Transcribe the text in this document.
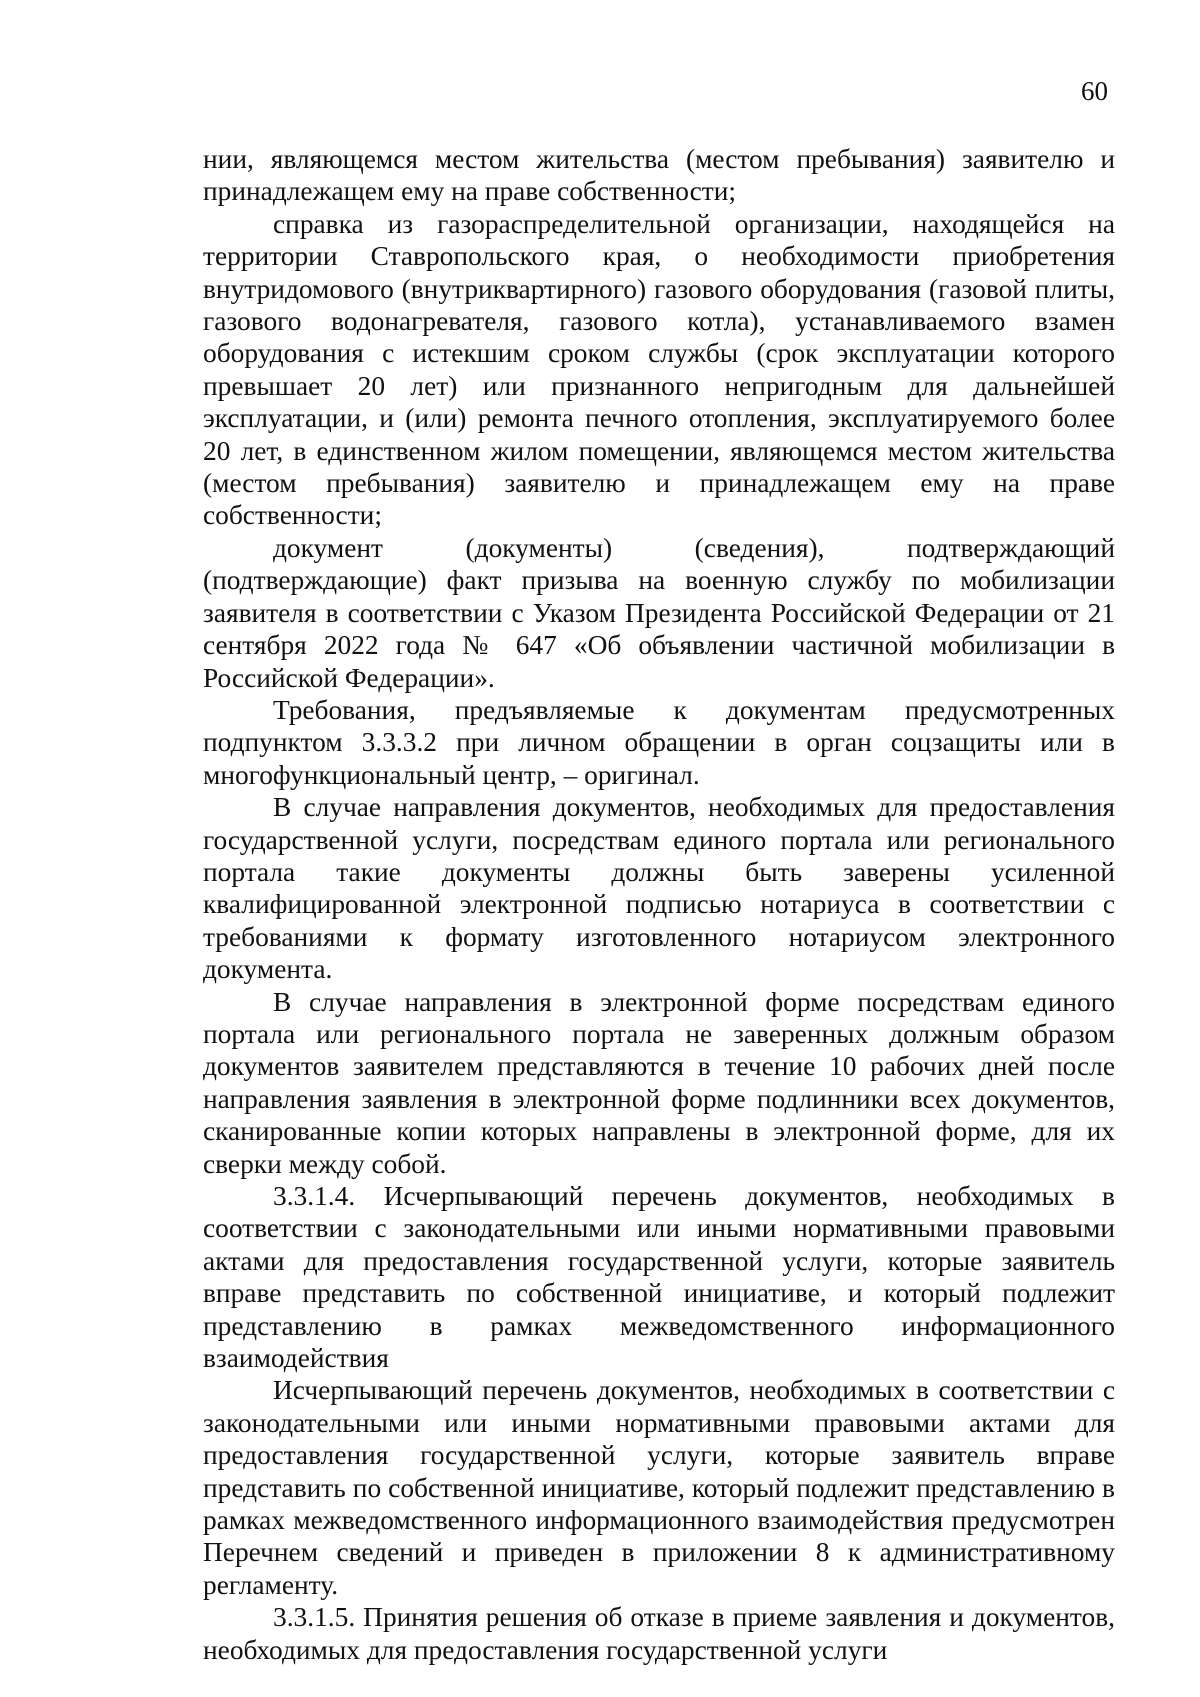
60

нии, являющемся местом жительства (местом пребывания) заявителю и принадлежащем ему на праве собственности;

справка из газораспределительной организации, находящейся на территории Ставропольского края, о необходимости приобретения внутридомового (внутриквартирного) газового оборудования (газовой плиты, газового водонагревателя, газового котла), устанавливаемого взамен оборудования с истекшим сроком службы (срок эксплуатации которого превышает 20 лет) или признанного непригодным для дальнейшей эксплуатации, и (или) ремонта печного отопления, эксплуатируемого более 20 лет, в единственном жилом помещении, являющемся местом жительства (местом пребывания) заявителю и принадлежащем ему на праве собственности;

документ (документы) (сведения), подтверждающий (подтверждающие) факт призыва на военную службу по мобилизации заявителя в соответствии с Указом Президента Российской Федерации от 21 сентября 2022 года № 647 «Об объявлении частичной мобилизации в Российской Федерации».

Требования, предъявляемые к документам предусмотренных подпунктом 3.3.3.2 при личном обращении в орган соцзащиты или в многофункциональный центр, – оригинал.

В случае направления документов, необходимых для предоставления государственной услуги, посредствам единого портала или регионального портала такие документы должны быть заверены усиленной квалифицированной электронной подписью нотариуса в соответствии с требованиями к формату изготовленного нотариусом электронного документа.

В случае направления в электронной форме посредствам единого портала или регионального портала не заверенных должным образом документов заявителем представляются в течение 10 рабочих дней после направления заявления в электронной форме подлинники всех документов, сканированные копии которых направлены в электронной форме, для их сверки между собой.

3.3.1.4. Исчерпывающий перечень документов, необходимых в соответствии с законодательными или иными нормативными правовыми актами для предоставления государственной услуги, которые заявитель вправе представить по собственной инициативе, и который подлежит представлению в рамках межведомственного информационного взаимодействия

Исчерпывающий перечень документов, необходимых в соответствии с законодательными или иными нормативными правовыми актами для предоставления государственной услуги, которые заявитель вправе представить по собственной инициативе, который подлежит представлению в рамках межведомственного информационного взаимодействия предусмотрен Перечнем сведений и приведен в приложении 8 к административному регламенту.

3.3.1.5. Принятия решения об отказе в приеме заявления и документов, необходимых для предоставления государственной услуги
